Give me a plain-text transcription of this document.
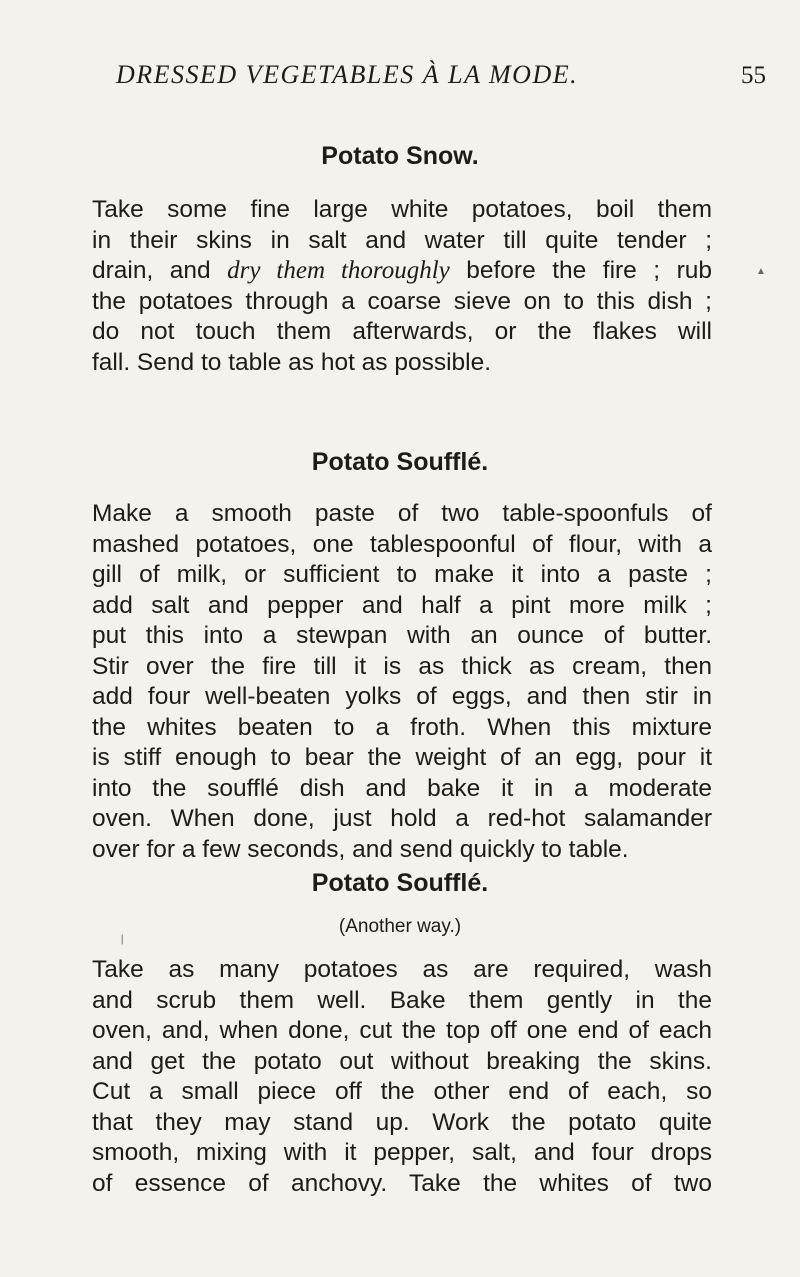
DRESSED VEGETABLES À LA MODE.	55
Potato Snow.

Take some fine large white potatoes, boil them
in their skins in salt and water till quite tender ;
drain, and dry them thoroughly before the fire ; rub
the potatoes through a coarse sieve on to this dish ;
do not touch them afterwards, or the flakes will
fall. Send to table as hot as possible.

Potato Soufflé.

Make a smooth paste of two table-spoonfuls of
mashed potatoes, one tablespoonful of flour, with a
gill of milk, or sufficient to make it into a paste ;
add salt and pepper and half a pint more milk ;
put this into a stewpan with an ounce of butter.
Stir over the fire till it is as thick as cream, then
add four well-beaten yolks of eggs, and then stir in
the whites beaten to a froth. When this mixture
is stiff enough to bear the weight of an egg, pour it
into the soufflé dish and bake it in a moderate
oven. When done, just hold a red-hot salamander
over for a few seconds, and send quickly to table.

Potato Soufflé.
(Another way.)

Take as many potatoes as are required, wash
and scrub them well. Bake them gently in the
oven, and, when done, cut the top off one end of each
and get the potato out without breaking the skins.
Cut a small piece off the other end of each, so
that they may stand up. Work the potato quite
smooth, mixing with it pepper, salt, and four drops
of essence of anchovy. Take the whites of two

▲
❘
